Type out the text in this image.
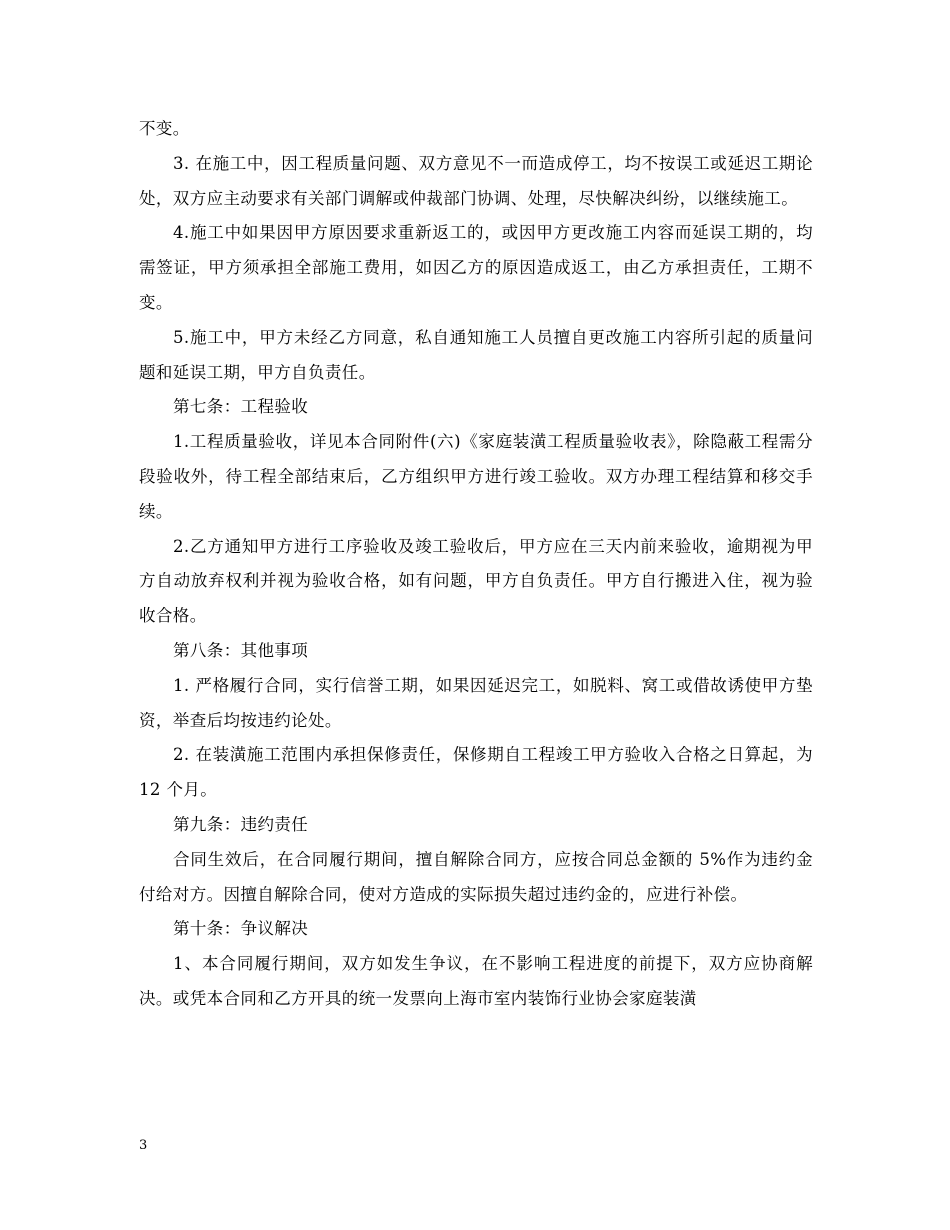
不变。

3. 在施工中，因工程质量问题、双方意见不一而造成停工，均不按误工或延迟工期论处，双方应主动要求有关部门调解或仲裁部门协调、处理，尽快解决纠纷，以继续施工。

4.施工中如果因甲方原因要求重新返工的，或因甲方更改施工内容而延误工期的，均需签证，甲方须承担全部施工费用，如因乙方的原因造成返工，由乙方承担责任，工期不变。

5.施工中，甲方未经乙方同意，私自通知施工人员擅自更改施工内容所引起的质量问题和延误工期，甲方自负责任。

第七条：工程验收

1.工程质量验收，详见本合同附件(六)《家庭装潢工程质量验收表》，除隐蔽工程需分段验收外，待工程全部结束后，乙方组织甲方进行竣工验收。双方办理工程结算和移交手续。

2.乙方通知甲方进行工序验收及竣工验收后，甲方应在三天内前来验收，逾期视为甲方自动放弃权利并视为验收合格，如有问题，甲方自负责任。甲方自行搬进入住，视为验收合格。

第八条：其他事项

1. 严格履行合同，实行信誉工期，如果因延迟完工，如脱料、窝工或借故诱使甲方垫资，举查后均按违约论处。

2. 在装潢施工范围内承担保修责任，保修期自工程竣工甲方验收入合格之日算起，为 12 个月。

第九条：违约责任

合同生效后，在合同履行期间，擅自解除合同方，应按合同总金额的 5%作为违约金付给对方。因擅自解除合同，使对方造成的实际损失超过违约金的，应进行补偿。

第十条：争议解决

1、本合同履行期间，双方如发生争议，在不影响工程进度的前提下，双方应协商解决。或凭本合同和乙方开具的统一发票向上海市室内装饰行业协会家庭装潢

3
